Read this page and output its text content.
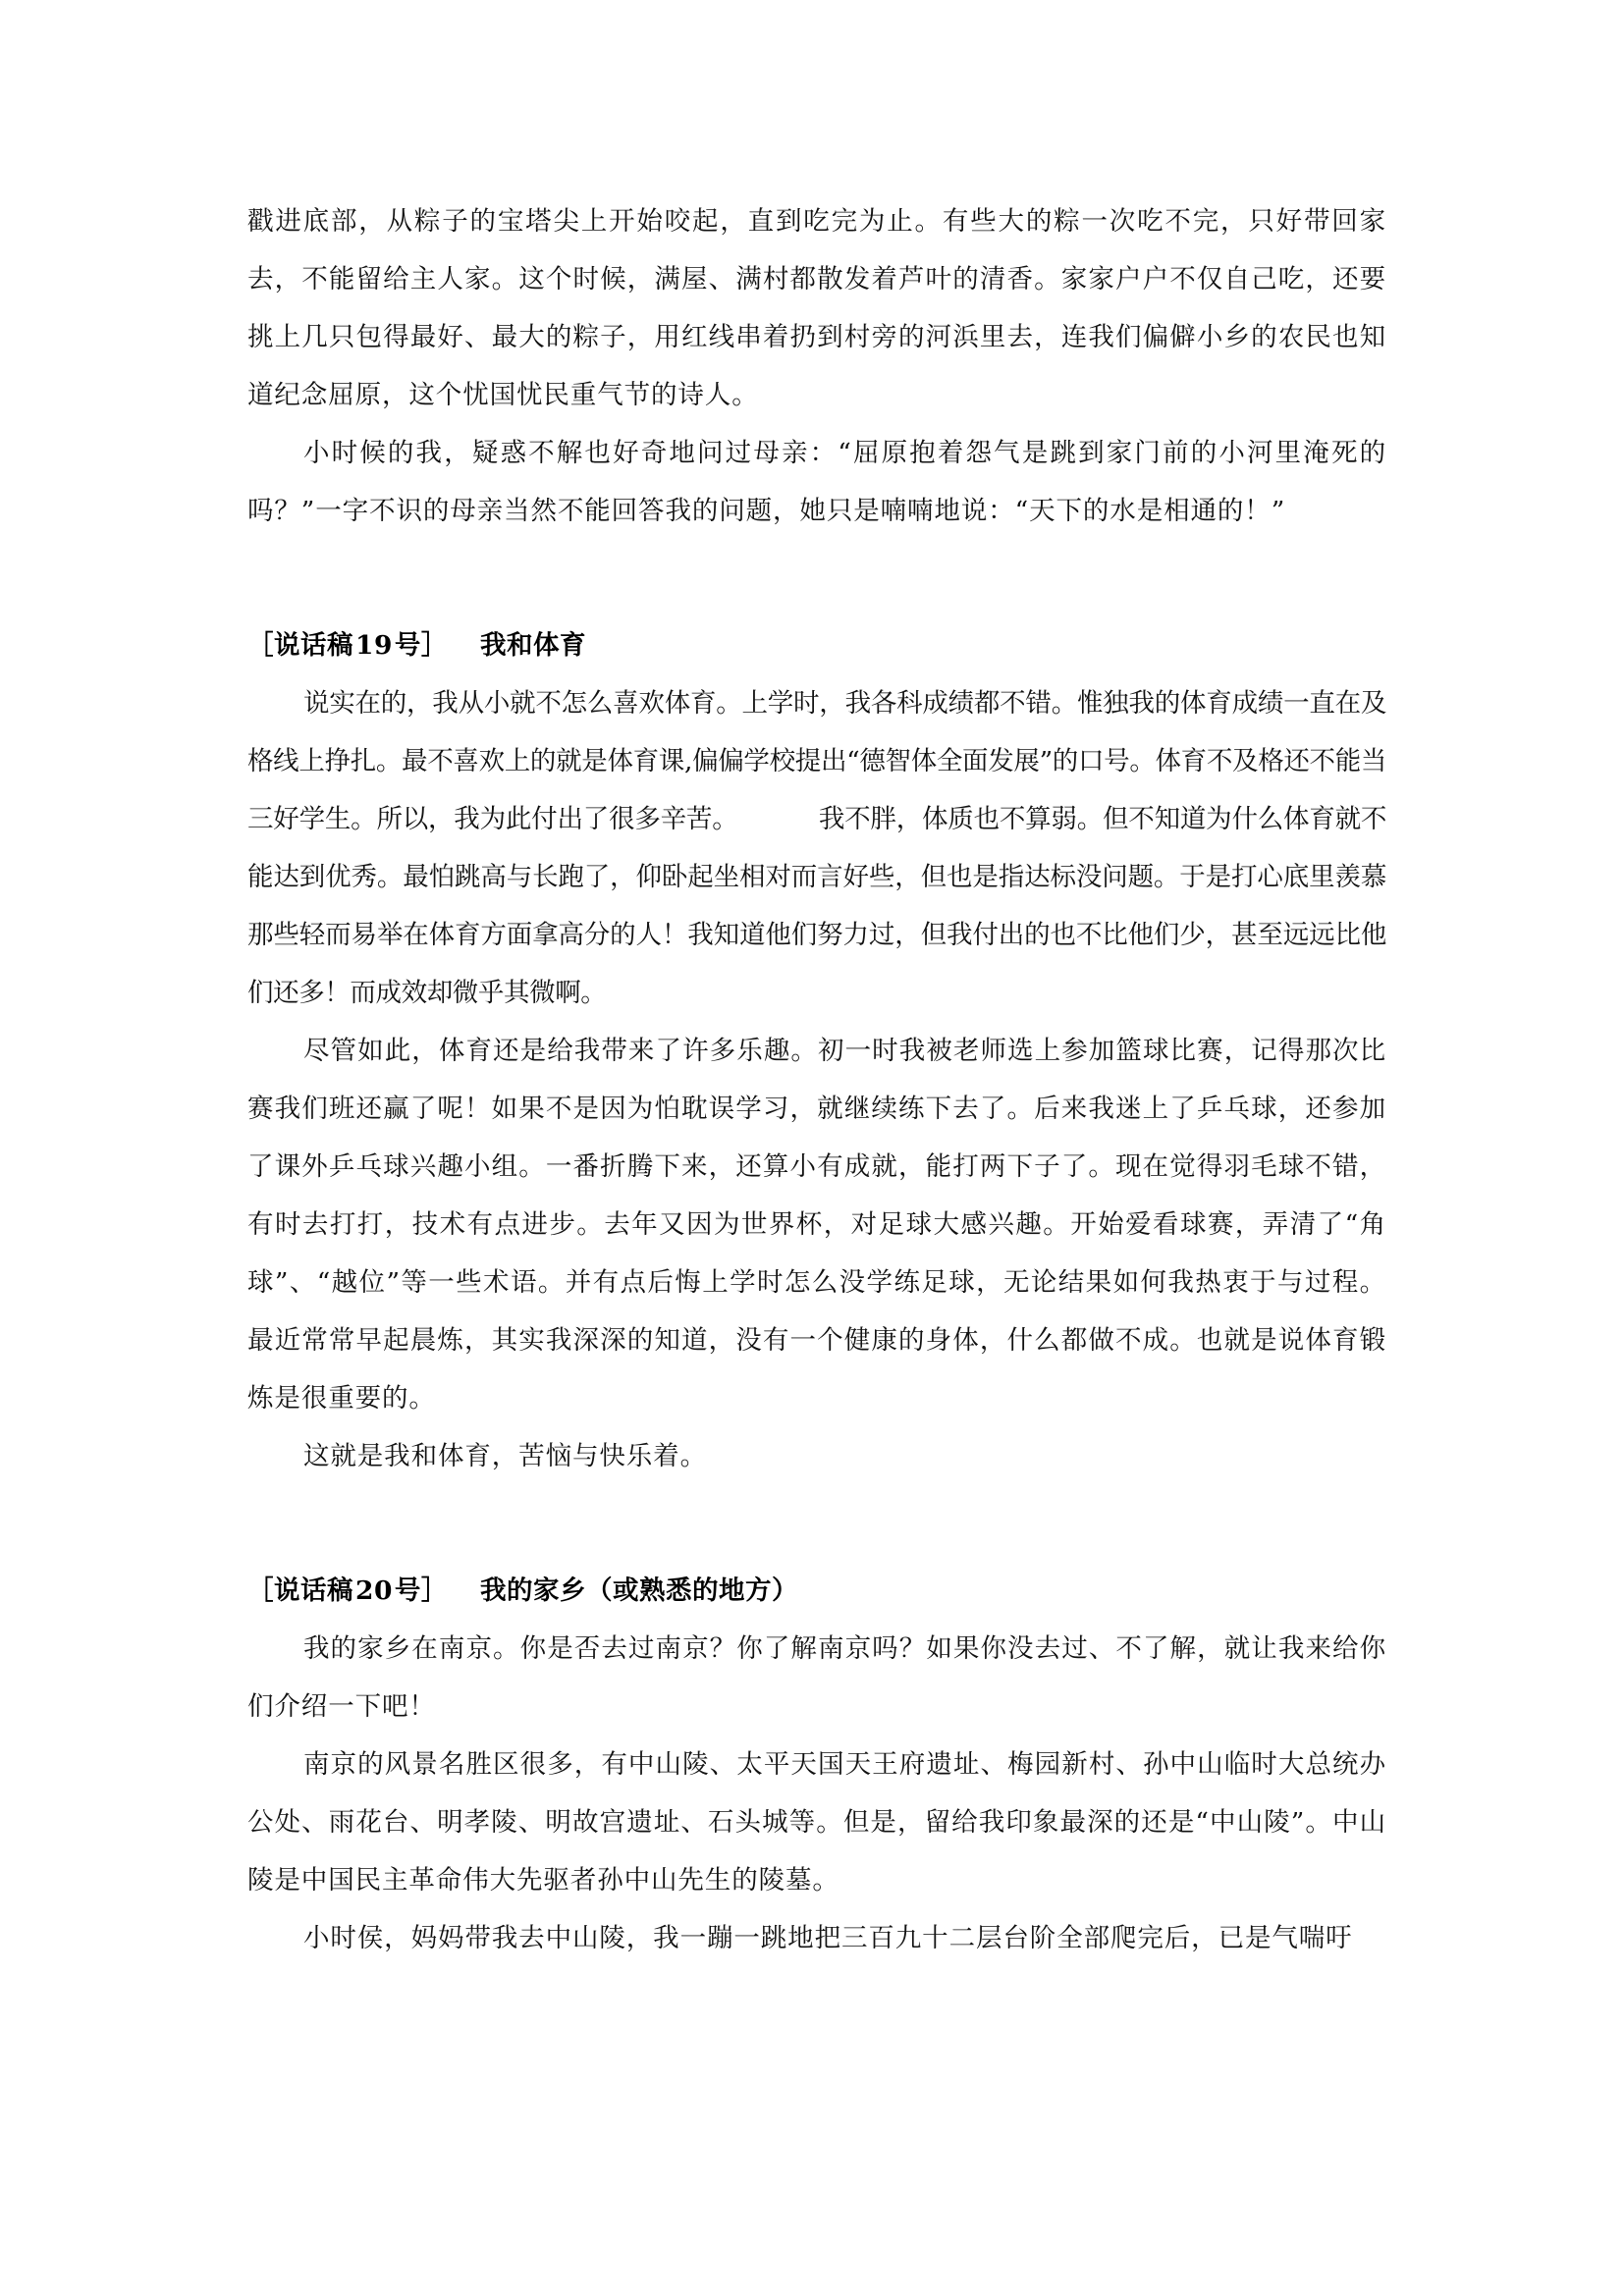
戳进底部，从粽子的宝塔尖上开始咬起，直到吃完为止。有些大的粽一次吃不完，只好带回家去，不能留给主人家。这个时候，满屋、满村都散发着芦叶的清香。家家户户不仅自己吃，还要挑上几只包得最好、最大的粽子，用红线串着扔到村旁的河浜里去，连我们偏僻小乡的农民也知道纪念屈原，这个忧国忧民重气节的诗人。

小时候的我，疑惑不解也好奇地问过母亲：“屈原抱着怨气是跳到家门前的小河里淹死的吗？”一字不识的母亲当然不能回答我的问题，她只是喃喃地说：“天下的水是相通的！”

［说话稿19号］ 我和体育

说实在的，我从小就不怎么喜欢体育。上学时，我各科成绩都不错。惟独我的体育成绩一直在及格线上挣扎。最不喜欢上的就是体育课,偏偏学校提出“德智体全面发展”的口号。体育不及格还不能当三好学生。所以，我为此付出了很多辛苦。	我不胖，体质也不算弱。但不知道为什么体育就不能达到优秀。最怕跳高与长跑了，仰卧起坐相对而言好些，但也是指达标没问题。于是打心底里羡慕那些轻而易举在体育方面拿高分的人！我知道他们努力过，但我付出的也不比他们少，甚至远远比他们还多！而成效却微乎其微啊。

尽管如此，体育还是给我带来了许多乐趣。初一时我被老师选上参加篮球比赛，记得那次比赛我们班还赢了呢！如果不是因为怕耽误学习，就继续练下去了。后来我迷上了乒乓球，还参加了课外乒乓球兴趣小组。一番折腾下来，还算小有成就，能打两下子了。现在觉得羽毛球不错，有时去打打，技术有点进步。去年又因为世界杯，对足球大感兴趣。开始爱看球赛，弄清了“角球”、“越位”等一些术语。并有点后悔上学时怎么没学练足球，无论结果如何我热衷于与过程。最近常常早起晨炼，其实我深深的知道，没有一个健康的身体，什么都做不成。也就是说体育锻炼是很重要的。

这就是我和体育，苦恼与快乐着。

［说话稿20号］ 我的家乡（或熟悉的地方）

我的家乡在南京。你是否去过南京？你了解南京吗？如果你没去过、不了解，就让我来给你们介绍一下吧！

南京的风景名胜区很多，有中山陵、太平天国天王府遗址、梅园新村、孙中山临时大总统办公处、雨花台、明孝陵、明故宫遗址、石头城等。但是，留给我印象最深的还是“中山陵”。中山陵是中国民主革命伟大先驱者孙中山先生的陵墓。

小时侯，妈妈带我去中山陵，我一蹦一跳地把三百九十二层台阶全部爬完后，已是气喘吁
